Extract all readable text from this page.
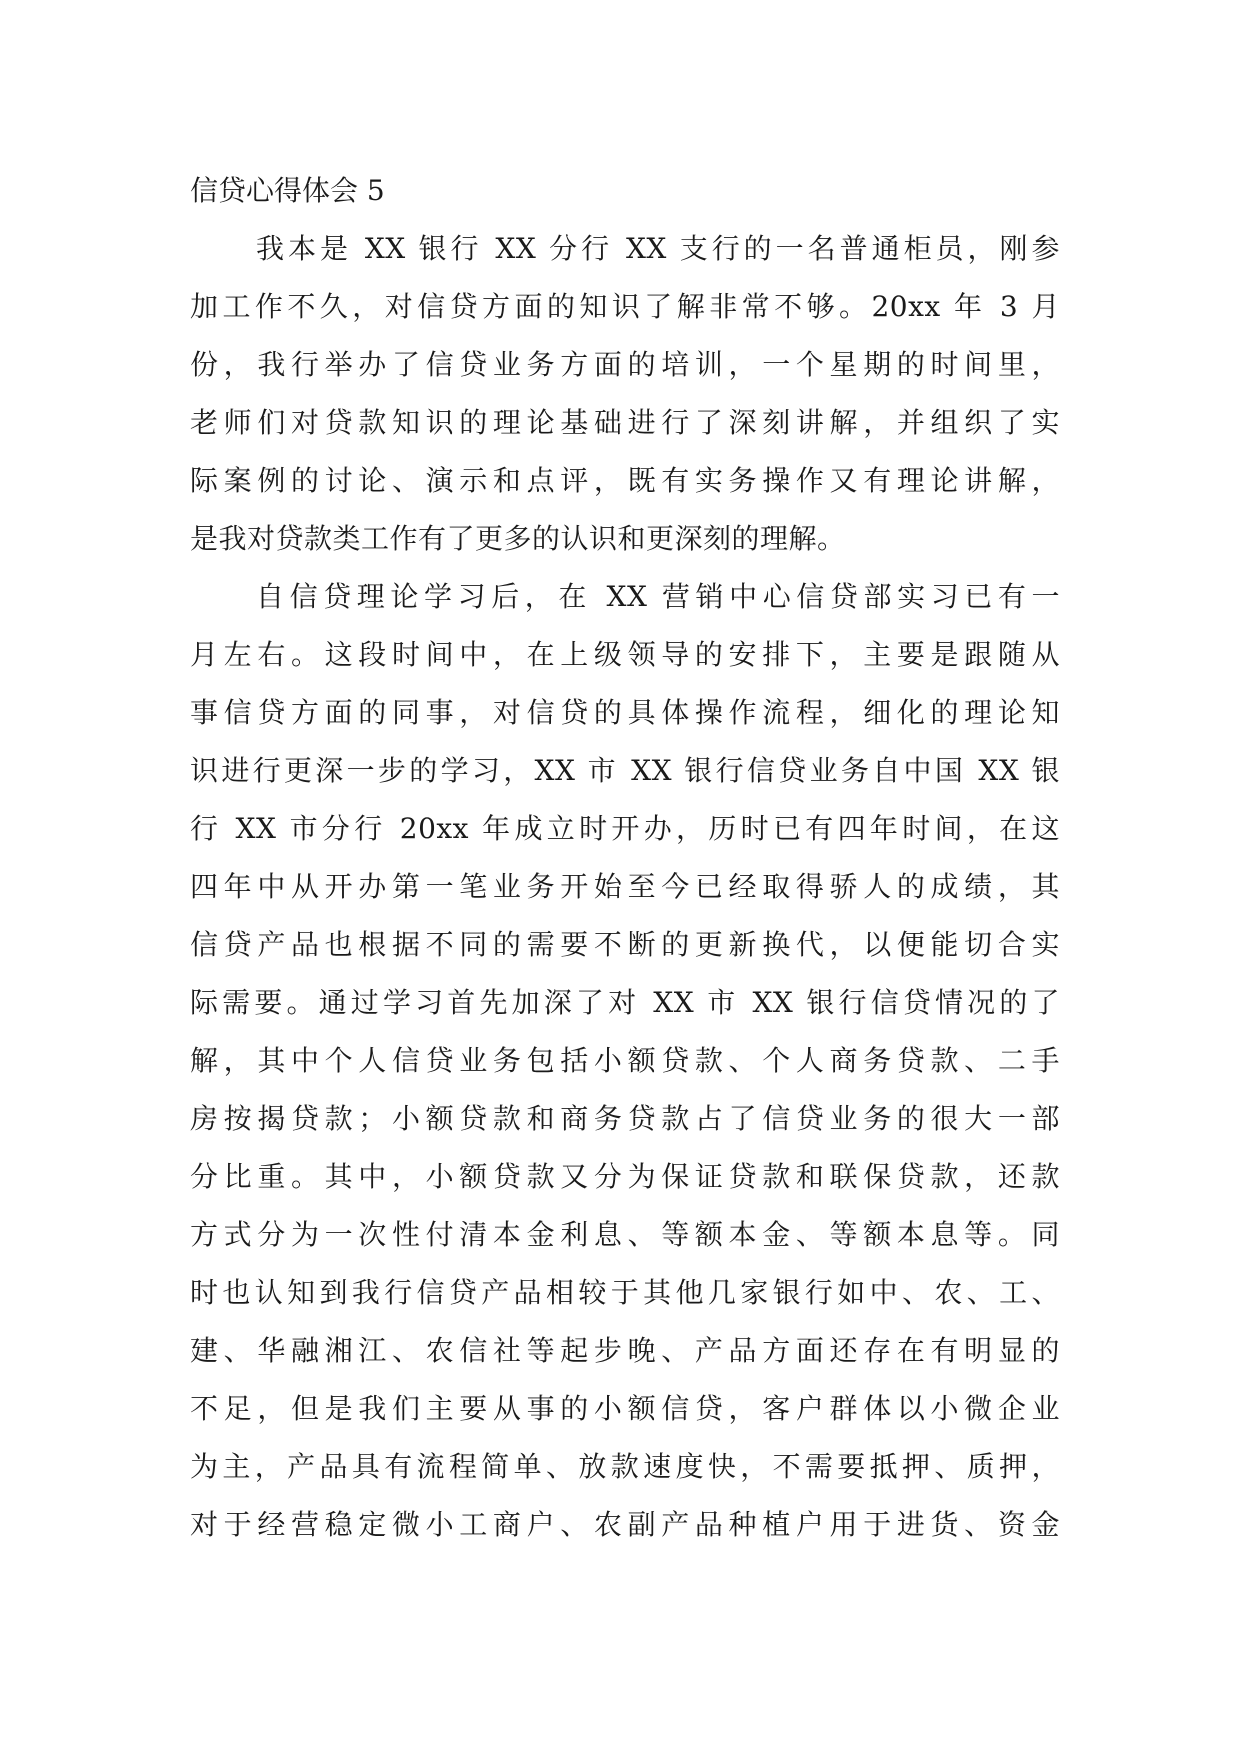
信贷心得体会 5
我本是 XX 银行 XX 分行 XX 支行的一名普通柜员，刚参
加工作不久，对信贷方面的知识了解非常不够。20xx 年 3 月
份，我行举办了信贷业务方面的培训，一个星期的时间里，
老师们对贷款知识的理论基础进行了深刻讲解，并组织了实
际案例的讨论、演示和点评，既有实务操作又有理论讲解，
是我对贷款类工作有了更多的认识和更深刻的理解。
自信贷理论学习后，在 XX 营销中心信贷部实习已有一
月左右。这段时间中，在上级领导的安排下，主要是跟随从
事信贷方面的同事，对信贷的具体操作流程，细化的理论知
识进行更深一步的学习，XX 市 XX 银行信贷业务自中国 XX 银
行 XX 市分行 20xx 年成立时开办，历时已有四年时间，在这
四年中从开办第一笔业务开始至今已经取得骄人的成绩，其
信贷产品也根据不同的需要不断的更新换代，以便能切合实
际需要。通过学习首先加深了对 XX 市 XX 银行信贷情况的了
解，其中个人信贷业务包括小额贷款、个人商务贷款、二手
房按揭贷款；小额贷款和商务贷款占了信贷业务的很大一部
分比重。其中，小额贷款又分为保证贷款和联保贷款，还款
方式分为一次性付清本金利息、等额本金、等额本息等。同
时也认知到我行信贷产品相较于其他几家银行如中、农、工、
建、华融湘江、农信社等起步晚、产品方面还存在有明显的
不足，但是我们主要从事的小额信贷，客户群体以小微企业
为主，产品具有流程简单、放款速度快，不需要抵押、质押，
对于经营稳定微小工商户、农副产品种植户用于进货、资金
